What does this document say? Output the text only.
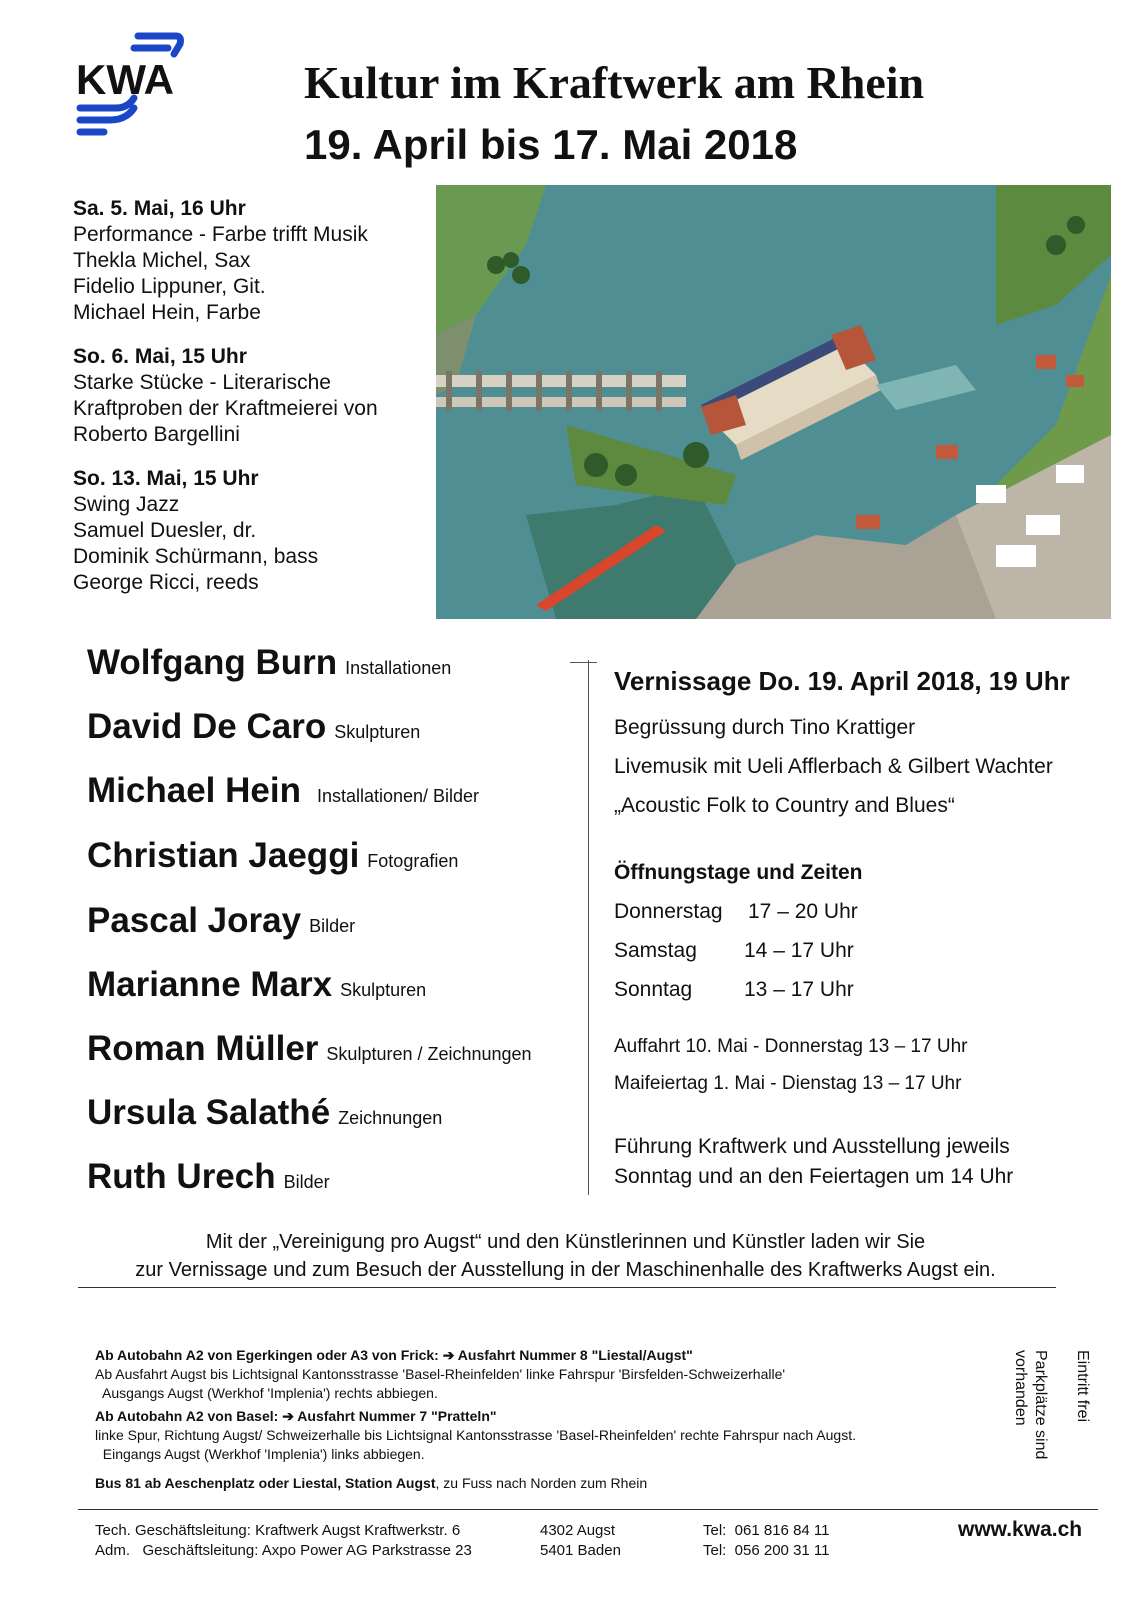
KWA	Kultur im Kraftwerk am Rhein
19. April bis 17. Mai 2018
Sa. 5. Mai, 16 Uhr
Performance - Farbe trifft Musik
Thekla Michel, Sax
Fidelio Lippuner, Git.
Michael Hein, Farbe
So. 6. Mai, 15 Uhr
Starke Stücke - Literarische
Kraftproben der Kraftmeierei von
Roberto Bargellini
So. 13. Mai, 15 Uhr
Swing Jazz
Samuel Duesler, dr.
Dominik Schürmann, bass
George Ricci, reeds
Wolfgang Burn Installationen
David De Caro Skulpturen
Michael Hein Installationen/ Bilder
Christian Jaeggi Fotografien
Pascal Joray Bilder
Marianne Marx Skulpturen
Roman Müller Skulpturen / Zeichnungen
Ursula Salathé Zeichnungen
Ruth Urech Bilder
Vernissage Do. 19. April 2018, 19 Uhr
Begrüssung durch Tino Krattiger
Livemusik mit Ueli Afflerbach & Gilbert Wachter
„Acoustic Folk to Country and Blues“
Öffnungstage und Zeiten
Donnerstag 17 – 20 Uhr
Samstag 14 – 17 Uhr
Sonntag 13 – 17 Uhr
Auffahrt 10. Mai - Donnerstag 13 – 17 Uhr
Maifeiertag 1. Mai - Dienstag 13 – 17 Uhr
Führung Kraftwerk und Ausstellung jeweils
Sonntag und an den Feiertagen um 14 Uhr
Mit der „Vereinigung pro Augst“ und den Künstlerinnen und Künstler laden wir Sie
zur Vernissage und zum Besuch der Ausstellung in der Maschinenhalle des Kraftwerks Augst ein.
Ab Autobahn A2 von Egerkingen oder A3 von Frick: ➔ Ausfahrt Nummer 8 "Liestal/Augst"
Ab Ausfahrt Augst bis Lichtsignal Kantonsstrasse 'Basel-Rheinfelden' linke Fahrspur 'Birsfelden-Schweizerhalle'
Ausgangs Augst (Werkhof 'Implenia') rechts abbiegen.
Ab Autobahn A2 von Basel: ➔ Ausfahrt Nummer 7 "Pratteln"
linke Spur, Richtung Augst/ Schweizerhalle bis Lichtsignal Kantonsstrasse 'Basel-Rheinfelden' rechte Fahrspur nach Augst.
Eingangs Augst (Werkhof 'Implenia') links abbiegen.
Bus 81 ab Aeschenplatz oder Liestal, Station Augst, zu Fuss nach Norden zum Rhein
Eintritt frei
Parkplätze sind
vorhanden
Tech. Geschäftsleitung: Kraftwerk Augst Kraftwerkstr. 6
Adm.   Geschäftsleitung: Axpo Power AG Parkstrasse 23
4302 Augst
5401 Baden
Tel:  061 816 84 11
Tel:  056 200 31 11
www.kwa.ch
